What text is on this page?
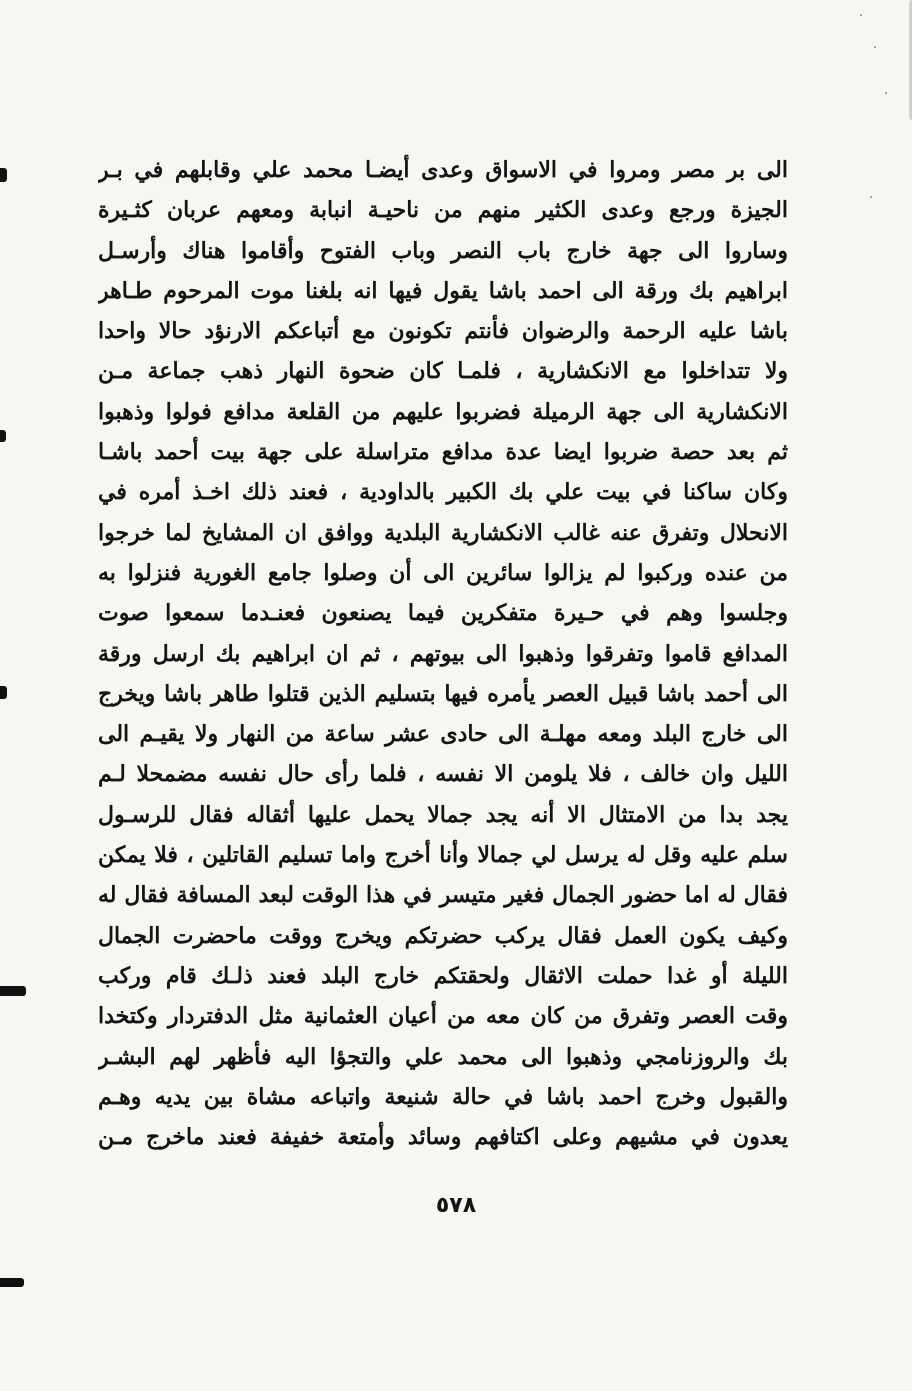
الى بر مصر ومروا في الاسواق وعدى أيضـا محمد علي وقابلهم في بـر
الجيزة ورجع وعدى الكثير منهم من ناحيـة انبابة ومعهم عربان كثـيرة
وساروا الى جهة خارج باب النصر وباب الفتوح وأقاموا هناك وأرسـل
ابراهيم بك ورقة الى احمد باشا يقول فيها انه بلغنا موت المرحوم طـاهر
باشا عليه الرحمة والرضوان فأنتم تكونون مع أتباعكم الارنؤد حالا واحدا
ولا تتداخلوا مع الانكشارية ، فلمـا كان ضحوة النهار ذهب جماعة مـن
الانكشارية الى جهة الرميلة فضربوا عليهم من القلعة مدافع فولوا وذهبوا
ثم بعد حصة ضربوا ايضا عدة مدافع متراسلة على جهة بيت أحمد باشـا
وكان ساكنا في بيت علي بك الكبير بالداودية ، فعند ذلك اخـذ أمره في
الانحلال وتفرق عنه غالب الانكشارية البلدية ووافق ان المشايخ لما خرجوا
من عنده وركبوا لم يزالوا سائرين الى أن وصلوا جامع الغورية فنزلوا به
وجلسوا وهم في حـيرة متفكرين فيما يصنعون فعنـدما سمعوا صوت
المدافع قاموا وتفرقوا وذهبوا الى بيوتهم ، ثم ان ابراهيم بك ارسل ورقة
الى أحمد باشا قبيل العصر يأمره فيها بتسليم الذين قتلوا طاهر باشا ويخرج
الى خارج البلد ومعه مهلـة الى حادى عشر ساعة من النهار ولا يقيـم الى
الليل وان خالف ، فلا يلومن الا نفسه ، فلما رأى حال نفسه مضمحلا لـم
يجد بدا من الامتثال الا أنه يجد جمالا يحمل عليها أثقاله فقال للرسـول
سلم عليه وقل له يرسل لي جمالا وأنا أخرج واما تسليم القاتلين ، فلا يمكن
فقال له اما حضور الجمال فغير متيسر في هذا الوقت لبعد المسافة فقال له
وكيف يكون العمل فقال يركب حضرتكم ويخرج ووقت ماحضرت الجمال
الليلة أو غدا حملت الاثقال ولحقتكم خارج البلد فعند ذلـك قام وركب
وقت العصر وتفرق من كان معه من أعيان العثمانية مثل الدفتردار وكتخدا
بك والروزنامجي وذهبوا الى محمد علي والتجؤا اليه فأظهر لهم البشـر
والقبول وخرج احمد باشا في حالة شنيعة واتباعه مشاة بين يديه وهـم
يعدون في مشيهم وعلى اكتافهم وسائد وأمتعة خفيفة فعند ماخرج مـن
٥٧٨
